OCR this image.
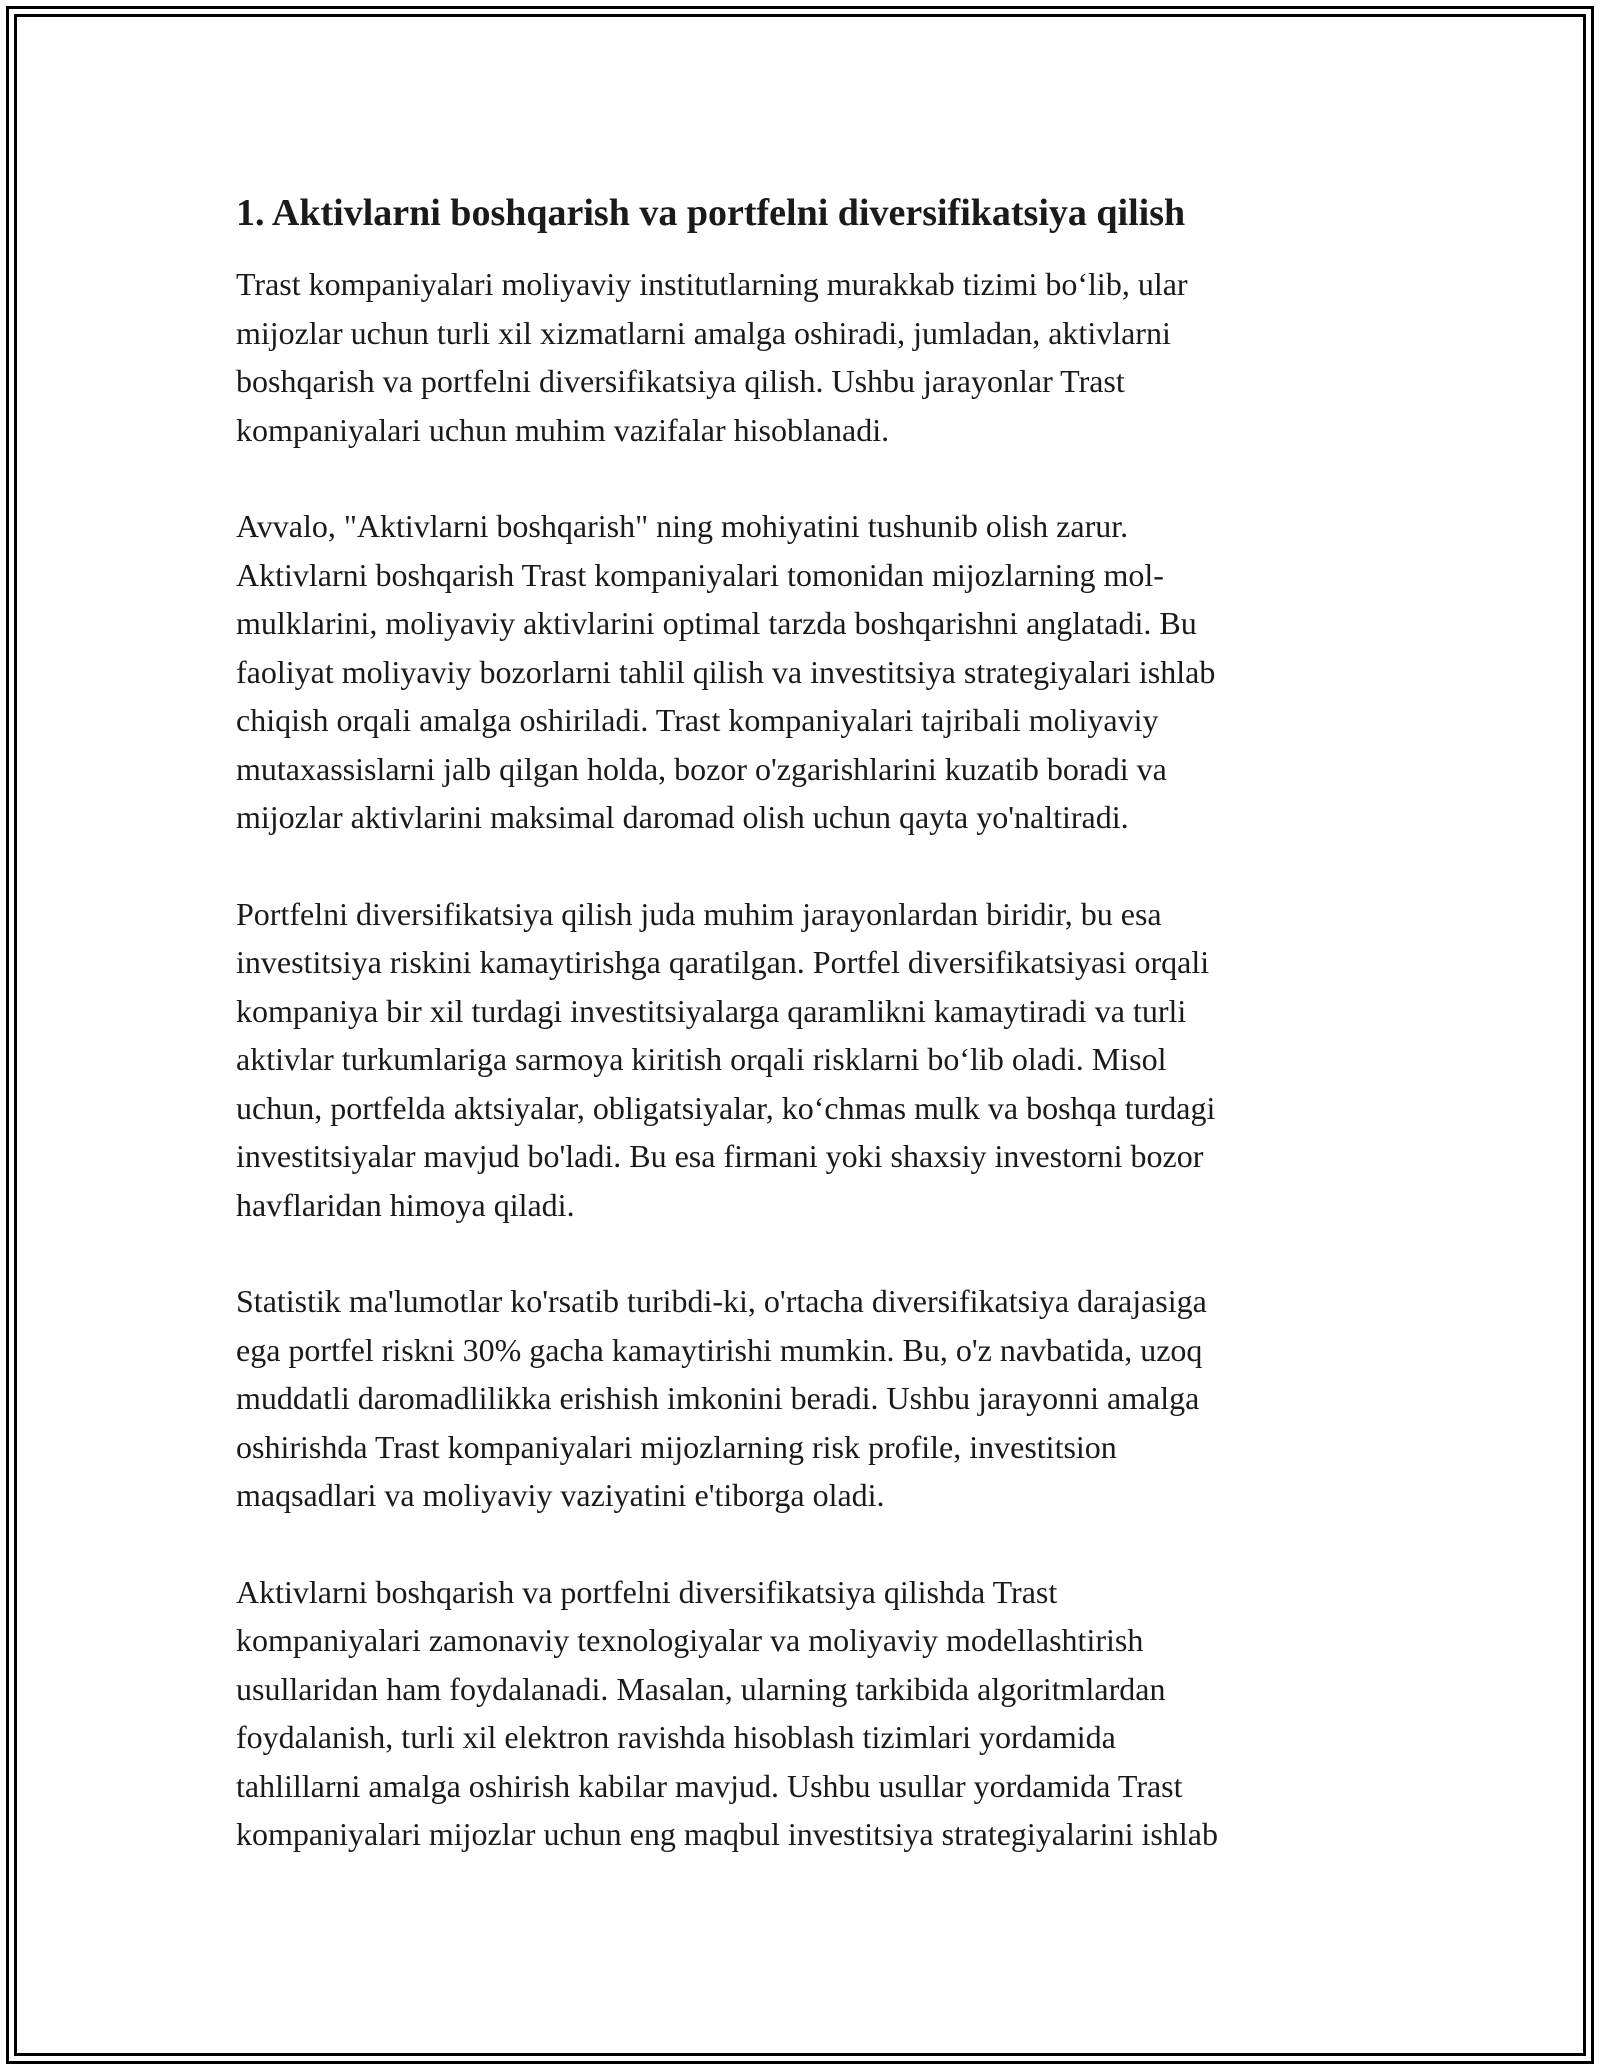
1. Aktivlarni boshqarish va portfelni diversifikatsiya qilish

Trast kompaniyalari moliyaviy institutlarning murakkab tizimi bo‘lib, ular
mijozlar uchun turli xil xizmatlarni amalga oshiradi, jumladan, aktivlarni
boshqarish va portfelni diversifikatsiya qilish. Ushbu jarayonlar Trast
kompaniyalari uchun muhim vazifalar hisoblanadi.

Avvalo, "Aktivlarni boshqarish" ning mohiyatini tushunib olish zarur.
Aktivlarni boshqarish Trast kompaniyalari tomonidan mijozlarning mol-
mulklarini, moliyaviy aktivlarini optimal tarzda boshqarishni anglatadi. Bu
faoliyat moliyaviy bozorlarni tahlil qilish va investitsiya strategiyalari ishlab
chiqish orqali amalga oshiriladi. Trast kompaniyalari tajribali moliyaviy
mutaxassislarni jalb qilgan holda, bozor o'zgarishlarini kuzatib boradi va
mijozlar aktivlarini maksimal daromad olish uchun qayta yo'naltiradi.

Portfelni diversifikatsiya qilish juda muhim jarayonlardan biridir, bu esa
investitsiya riskini kamaytirishga qaratilgan. Portfel diversifikatsiyasi orqali
kompaniya bir xil turdagi investitsiyalarga qaramlikni kamaytiradi va turli
aktivlar turkumlariga sarmoya kiritish orqali risklarni bo‘lib oladi. Misol
uchun, portfelda aktsiyalar, obligatsiyalar, ko‘chmas mulk va boshqa turdagi
investitsiyalar mavjud bo'ladi. Bu esa firmani yoki shaxsiy investorni bozor
havflaridan himoya qiladi.

Statistik ma'lumotlar ko'rsatib turibdi-ki, o'rtacha diversifikatsiya darajasiga
ega portfel riskni 30% gacha kamaytirishi mumkin. Bu, o'z navbatida, uzoq
muddatli daromadlilikka erishish imkonini beradi. Ushbu jarayonni amalga
oshirishda Trast kompaniyalari mijozlarning risk profile, investitsion
maqsadlari va moliyaviy vaziyatini e'tiborga oladi.

Aktivlarni boshqarish va portfelni diversifikatsiya qilishda Trast
kompaniyalari zamonaviy texnologiyalar va moliyaviy modellashtirish
usullaridan ham foydalanadi. Masalan, ularning tarkibida algoritmlardan
foydalanish, turli xil elektron ravishda hisoblash tizimlari yordamida
tahlillarni amalga oshirish kabilar mavjud. Ushbu usullar yordamida Trast
kompaniyalari mijozlar uchun eng maqbul investitsiya strategiyalarini ishlab
